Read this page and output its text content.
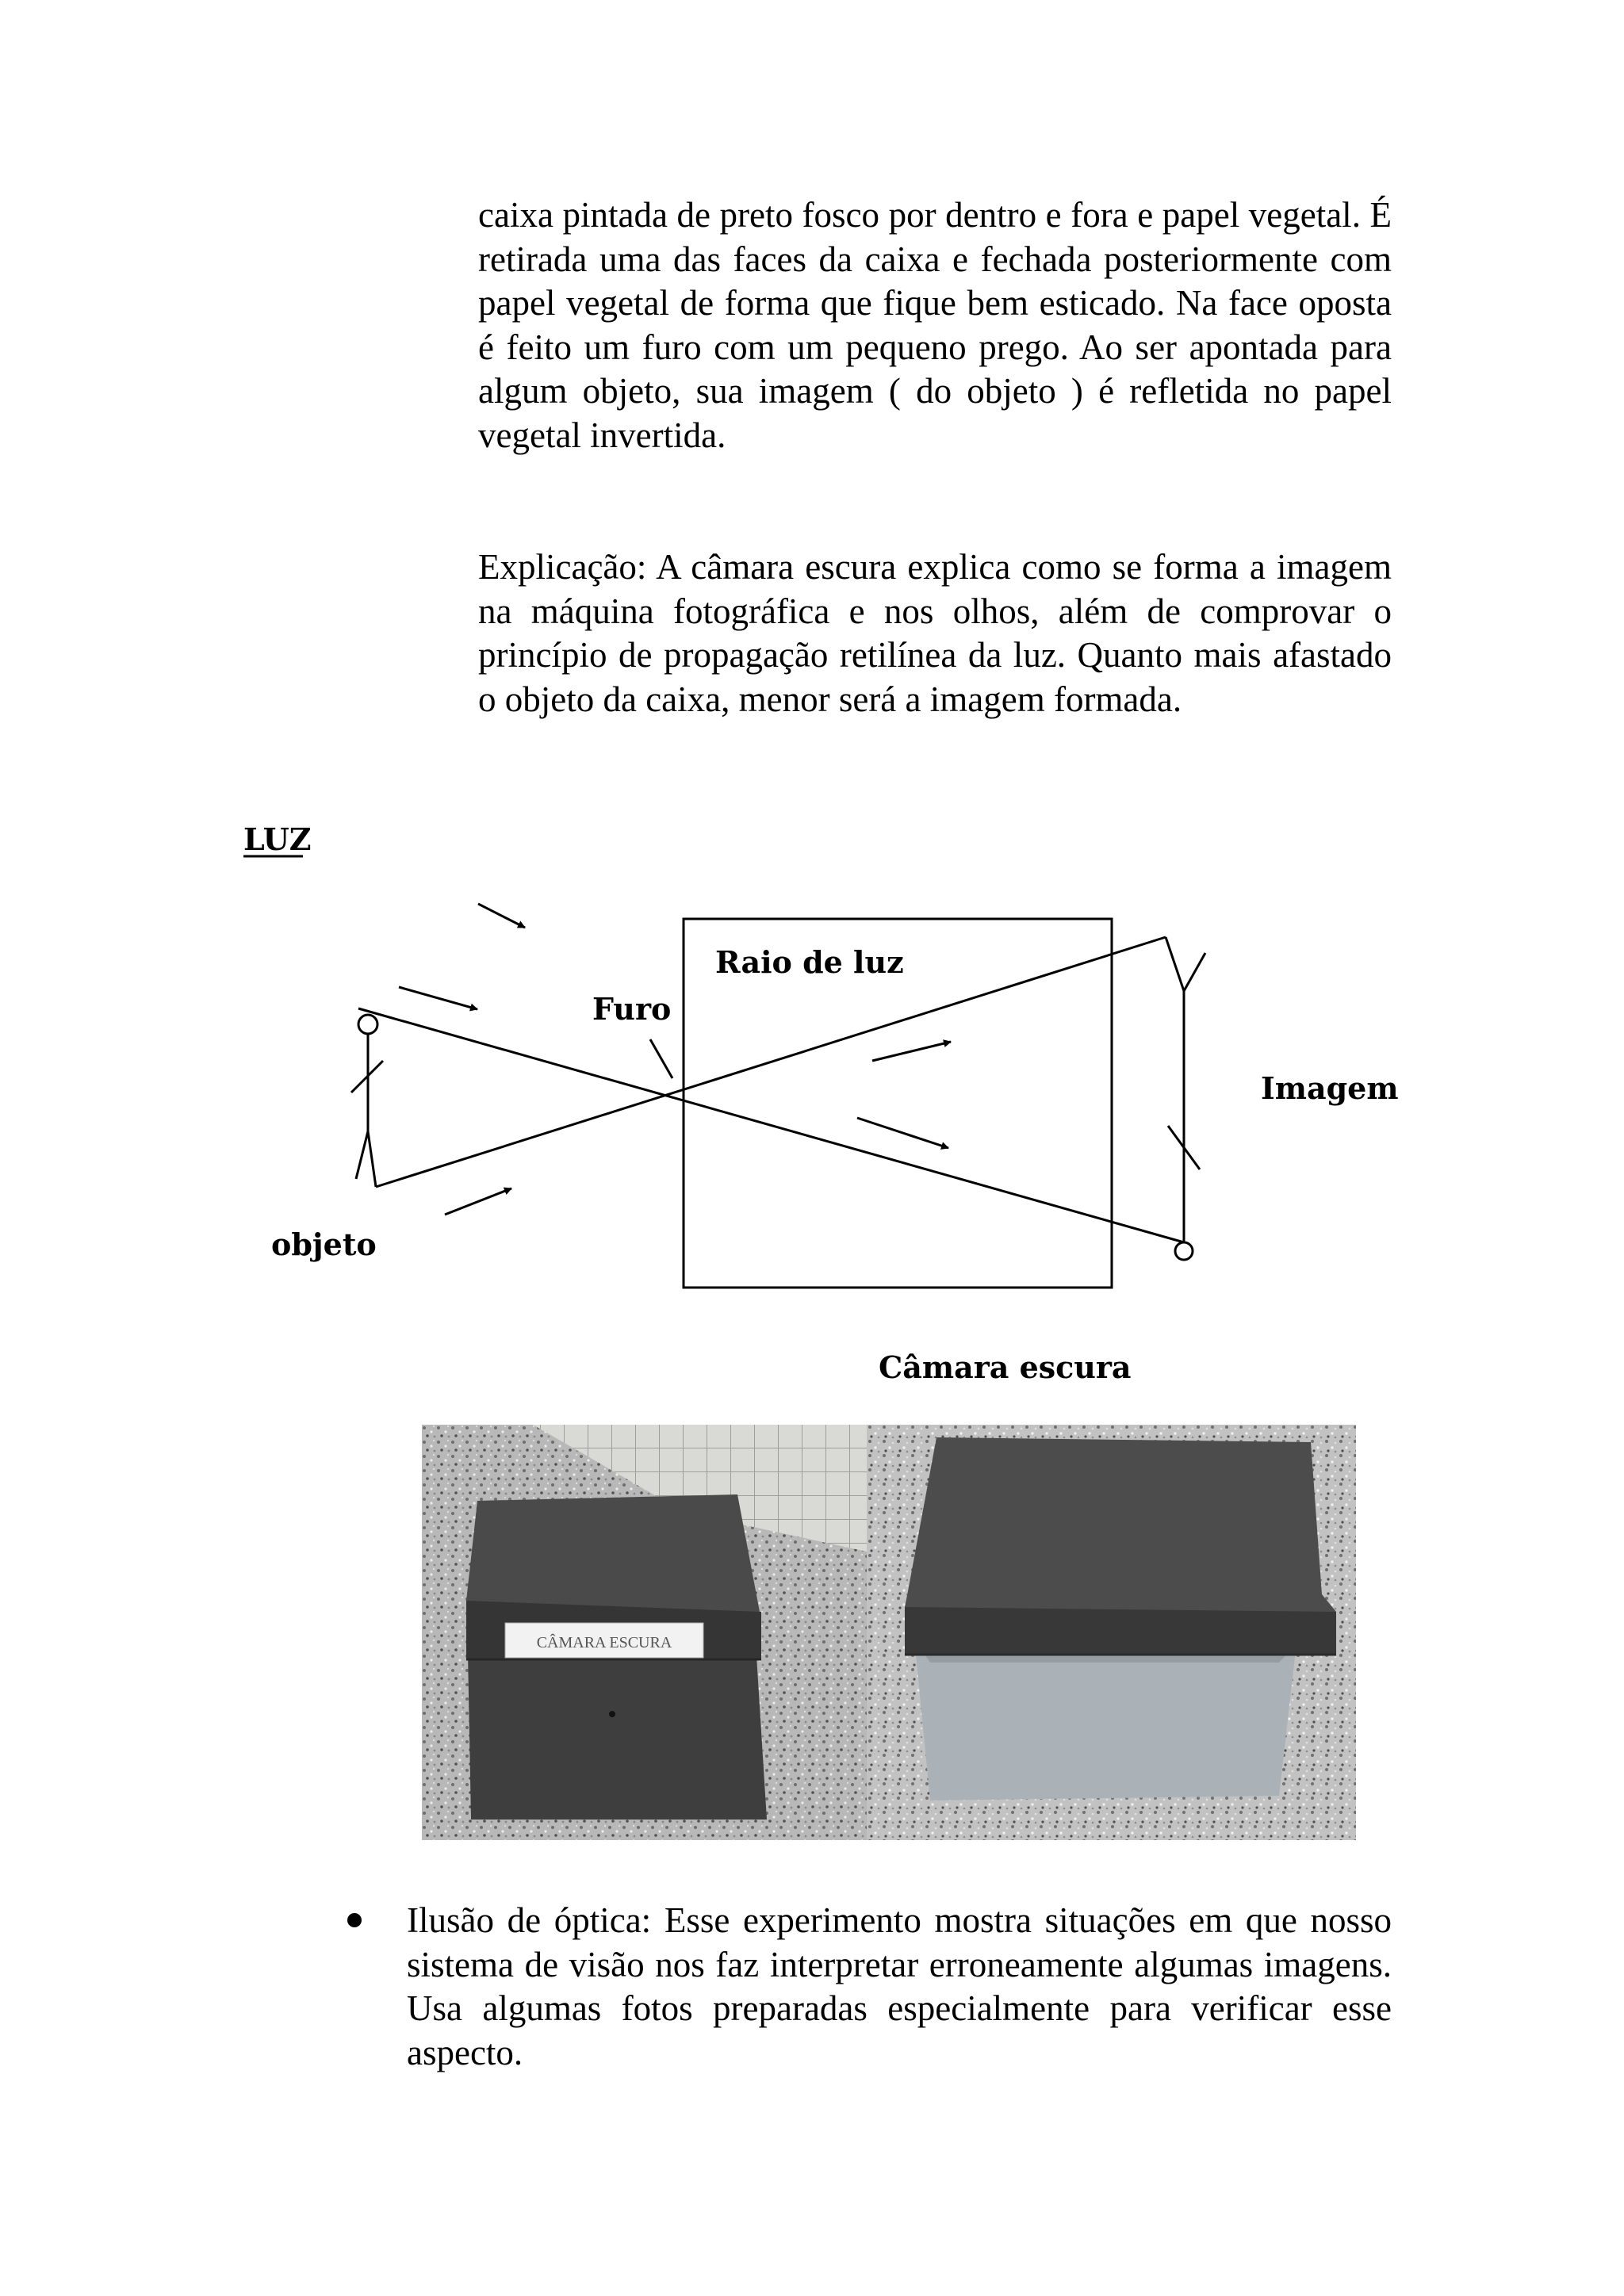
caixa pintada de preto fosco por dentro e fora e papel vegetal. É retirada uma das faces da caixa e fechada posteriormente com papel vegetal de forma que fique bem esticado. Na face oposta é feito um furo com um pequeno prego. Ao ser apontada para algum objeto, sua imagem ( do objeto ) é refletida no papel vegetal invertida.

Explicação: A câmara escura explica como se forma a imagem na máquina fotográfica e nos olhos, além de comprovar o princípio de propagação retilínea da luz. Quanto mais afastado o objeto da caixa, menor será a imagem formada.

LUZ
Raio de luz
Furo
Imagem
objeto
Câmara escura
CÂMARA ESCURA

Ilusão de óptica: Esse experimento mostra situações em que nosso sistema de visão nos faz interpretar erroneamente algumas imagens. Usa algumas fotos preparadas especialmente para verificar esse aspecto.
